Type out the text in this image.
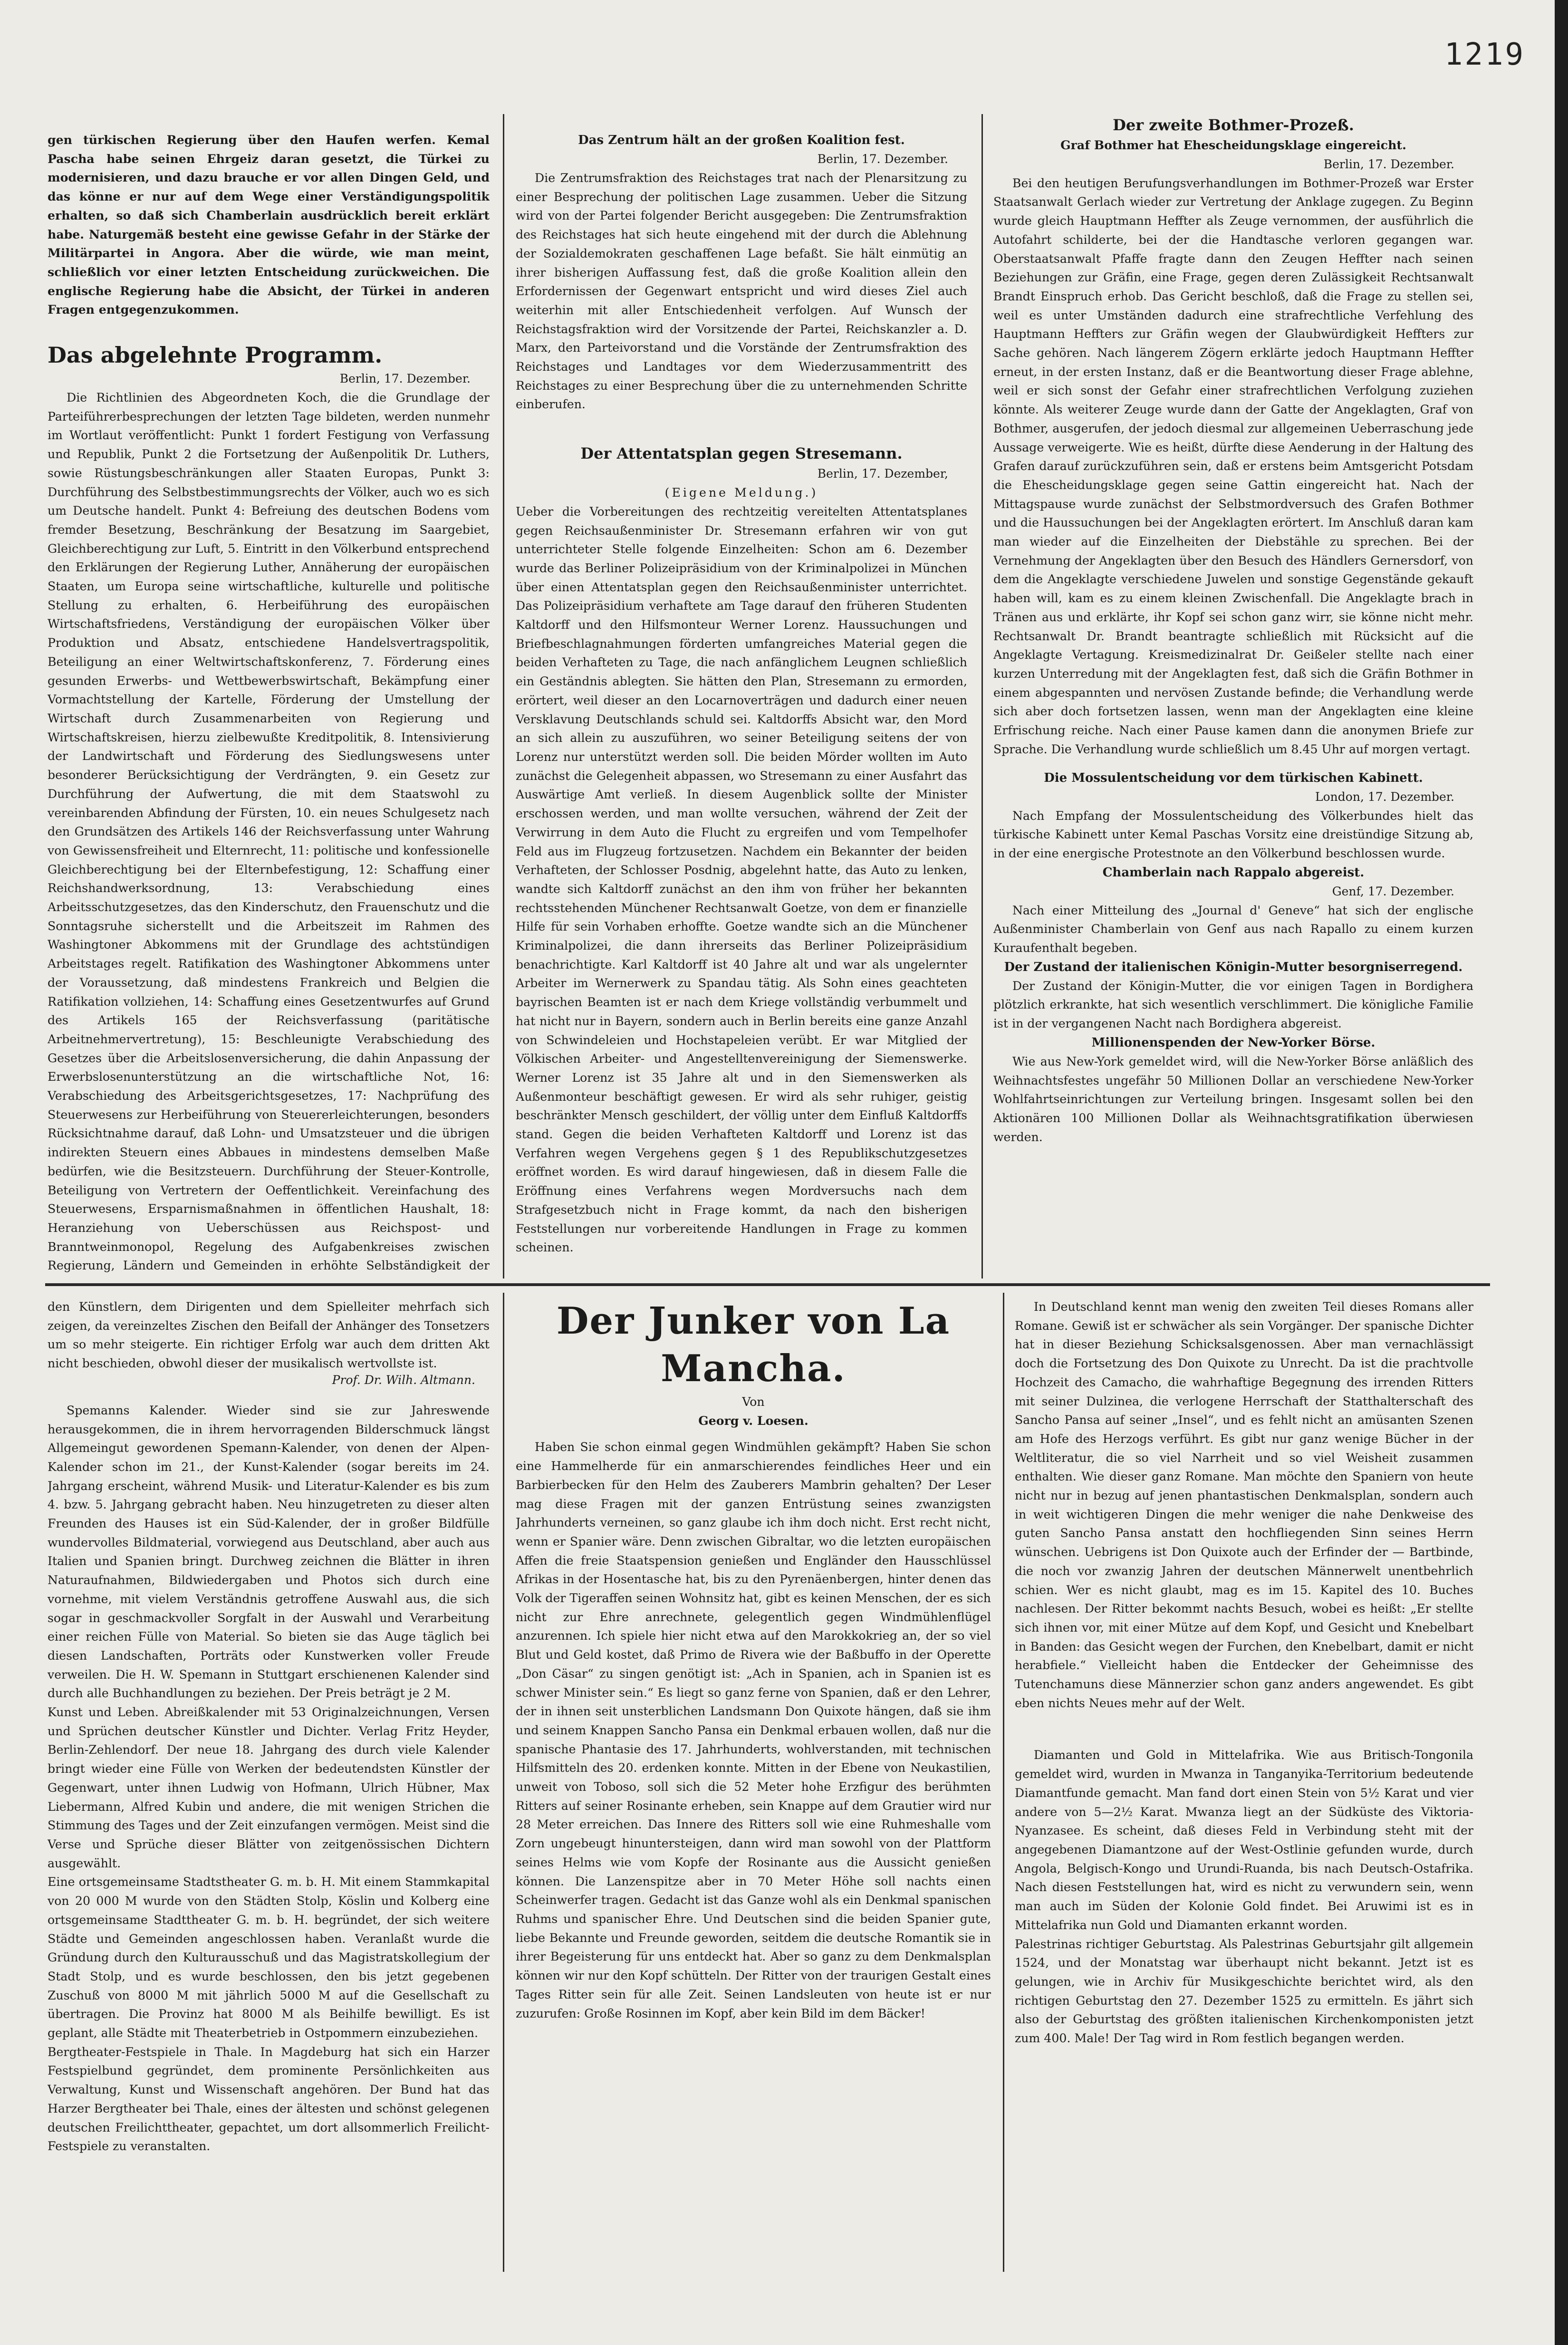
1219

gen türkischen Regierung über den Haufen werfen. Kemal Pascha habe seinen Ehrgeiz daran gesetzt, die Türkei zu modernisieren, und dazu brauche er vor allen Dingen Geld, und das könne er nur auf dem Wege einer Verständigungspolitik erhalten, so daß sich Chamberlain ausdrücklich bereit erklärt habe. Naturgemäß besteht eine gewisse Gefahr in der Stärke der Militärpartei in Angora. Aber die würde, wie man meint, schließlich vor einer letzten Entscheidung zurückweichen. Die englische Regierung habe die Absicht, der Türkei in anderen Fragen entgegenzukommen.

Das abgelehnte Programm.

Berlin, 17. Dezember.

Die Richtlinien des Abgeordneten Koch, die die Grundlage der Parteiführerbesprechungen der letzten Tage bildeten, werden nunmehr im Wortlaut veröffentlicht: Punkt 1 fordert Festigung von Verfassung und Republik, Punkt 2 die Fortsetzung der Außenpolitik Dr. Luthers, sowie Rüstungsbeschränkungen aller Staaten Europas, Punkt 3: Durchführung des Selbstbestimmungsrechts der Völker, auch wo es sich um Deutsche handelt. Punkt 4: Befreiung des deutschen Bodens vom fremder Besetzung, Beschränkung der Besatzung im Saargebiet, Gleichberechtigung zur Luft, 5. Eintritt in den Völkerbund entsprechend den Erklärungen der Regierung Luther, Annäherung der europäischen Staaten, um Europa seine wirtschaftliche, kulturelle und politische Stellung zu erhalten, 6. Herbeiführung des europäischen Wirtschaftsfriedens, Verständigung der europäischen Völker über Produktion und Absatz, entschiedene Handelsvertragspolitik, Beteiligung an einer Weltwirtschaftskonferenz, 7. Förderung eines gesunden Erwerbs- und Wettbewerbswirtschaft, Bekämpfung einer Vormachtstellung der Kartelle, Förderung der Umstellung der Wirtschaft durch Zusammenarbeiten von Regierung und Wirtschaftskreisen, hierzu zielbewußte Kreditpolitik, 8. Intensivierung der Landwirtschaft und Förderung des Siedlungswesens unter besonderer Berücksichtigung der Verdrängten, 9. ein Gesetz zur Durchführung der Aufwertung, die mit dem Staatswohl zu vereinbarenden Abfindung der Fürsten, 10. ein neues Schulgesetz nach den Grundsätzen des Artikels 146 der Reichsverfassung unter Wahrung von Gewissensfreiheit und Elternrecht, 11: politische und konfessionelle Gleichberechtigung bei der Elternbefestigung, 12: Schaffung einer Reichshandwerksordnung, 13: Verabschiedung eines Arbeitsschutzgesetzes, das den Kinderschutz, den Frauenschutz und die Sonntagsruhe sicherstellt und die Arbeitszeit im Rahmen des Washingtoner Abkommens mit der Grundlage des achtstündigen Arbeitstages regelt. Ratifikation des Washingtoner Abkommens unter der Voraussetzung, daß mindestens Frankreich und Belgien die Ratifikation vollziehen, 14: Schaffung eines Gesetzentwurfes auf Grund des Artikels 165 der Reichsverfassung (paritätische Arbeitnehmervertretung), 15: Beschleunigte Verabschiedung des Gesetzes über die Arbeitslosenversicherung, die dahin Anpassung der Erwerbslosenunterstützung an die wirtschaftliche Not, 16: Verabschiedung des Arbeitsgerichtsgesetzes, 17: Nachprüfung des Steuerwesens zur Herbeiführung von Steuererleichterungen, besonders Rücksichtnahme darauf, daß Lohn- und Umsatzsteuer und die übrigen indirekten Steuern eines Abbaues in mindestens demselben Maße bedürfen, wie die Besitzsteuern. Durchführung der Steuer-Kontrolle, Beteiligung von Vertretern der Oeffentlichkeit. Vereinfachung des Steuerwesens, Ersparnismaßnahmen in öffentlichen Haushalt, 18: Heranziehung von Ueberschüssen aus Reichspost- und Branntweinmonopol, Regelung des Aufgabenkreises zwischen Regierung, Ländern und Gemeinden in erhöhte Selbständigkeit der

Das Zentrum hält an der großen Koalition fest.

Berlin, 17. Dezember.

Die Zentrumsfraktion des Reichstages trat nach der Plenarsitzung zu einer Besprechung der politischen Lage zusammen. Ueber die Sitzung wird von der Partei folgender Bericht ausgegeben: Die Zentrumsfraktion des Reichstages hat sich heute eingehend mit der durch die Ablehnung der Sozialdemokraten geschaffenen Lage befaßt. Sie hält einmütig an ihrer bisherigen Auffassung fest, daß die große Koalition allein den Erfordernissen der Gegenwart entspricht und wird dieses Ziel auch weiterhin mit aller Entschiedenheit verfolgen. Auf Wunsch der Reichstagsfraktion wird der Vorsitzende der Partei, Reichskanzler a. D. Marx, den Parteivorstand und die Vorstände der Zentrumsfraktion des Reichstages und Landtages vor dem Wiederzusammentritt des Reichstages zu einer Besprechung über die zu unternehmenden Schritte einberufen.

Der Attentatsplan gegen Stresemann.

Berlin, 17. Dezember,

(Eigene Meldung.)

Ueber die Vorbereitungen des rechtzeitig vereitelten Attentatsplanes gegen Reichsaußenminister Dr. Stresemann erfahren wir von gut unterrichteter Stelle folgende Einzelheiten: Schon am 6. Dezember wurde das Berliner Polizeipräsidium von der Kriminalpolizei in München über einen Attentatsplan gegen den Reichsaußenminister unterrichtet. Das Polizeipräsidium verhaftete am Tage darauf den früheren Studenten Kaltdorff und den Hilfsmonteur Werner Lorenz. Haussuchungen und Briefbeschlagnahmungen förderten umfangreiches Material gegen die beiden Verhafteten zu Tage, die nach anfänglichem Leugnen schließlich ein Geständnis ablegten. Sie hätten den Plan, Stresemann zu ermorden, erörtert, weil dieser an den Locarnoverträgen und dadurch einer neuen Versklavung Deutschlands schuld sei. Kaltdorffs Absicht war, den Mord an sich allein zu auszuführen, wo seiner Beteiligung seitens der von Lorenz nur unterstützt werden soll. Die beiden Mörder wollten im Auto zunächst die Gelegenheit abpassen, wo Stresemann zu einer Ausfahrt das Auswärtige Amt verließ. In diesem Augenblick sollte der Minister erschossen werden, und man wollte versuchen, während der Zeit der Verwirrung in dem Auto die Flucht zu ergreifen und vom Tempelhofer Feld aus im Flugzeug fortzusetzen. Nachdem ein Bekannter der beiden Verhafteten, der Schlosser Posdnig, abgelehnt hatte, das Auto zu lenken, wandte sich Kaltdorff zunächst an den ihm von früher her bekannten rechtsstehenden Münchener Rechtsanwalt Goetze, von dem er finanzielle Hilfe für sein Vorhaben erhoffte. Goetze wandte sich an die Münchener Kriminalpolizei, die dann ihrerseits das Berliner Polizeipräsidium benachrichtigte. Karl Kaltdorff ist 40 Jahre alt und war als ungelernter Arbeiter im Wernerwerk zu Spandau tätig. Als Sohn eines geachteten bayrischen Beamten ist er nach dem Kriege vollständig verbummelt und hat nicht nur in Bayern, sondern auch in Berlin bereits eine ganze Anzahl von Schwindeleien und Hochstapeleien verübt. Er war Mitglied der Völkischen Arbeiter- und Angestelltenvereinigung der Siemenswerke. Werner Lorenz ist 35 Jahre alt und in den Siemenswerken als Außenmonteur beschäftigt gewesen. Er wird als sehr ruhiger, geistig beschränkter Mensch geschildert, der völlig unter dem Einfluß Kaltdorffs stand. Gegen die beiden Verhafteten Kaltdorff und Lorenz ist das Verfahren wegen Vergehens gegen § 1 des Republikschutzgesetzes eröffnet worden. Es wird darauf hingewiesen, daß in diesem Falle die Eröffnung eines Verfahrens wegen Mordversuchs nach dem Strafgesetzbuch nicht in Frage kommt, da nach den bisherigen Feststellungen nur vorbereitende Handlungen in Frage zu kommen scheinen.

Der zweite Bothmer-Prozeß.

Graf Bothmer hat Ehescheidungsklage eingereicht.

Berlin, 17. Dezember.

Bei den heutigen Berufungsverhandlungen im Bothmer-Prozeß war Erster Staatsanwalt Gerlach wieder zur Vertretung der Anklage zugegen. Zu Beginn wurde gleich Hauptmann Heffter als Zeuge vernommen, der ausführlich die Autofahrt schilderte, bei der die Handtasche verloren gegangen war. Oberstaatsanwalt Pfaffe fragte dann den Zeugen Heffter nach seinen Beziehungen zur Gräfin, eine Frage, gegen deren Zulässigkeit Rechtsanwalt Brandt Einspruch erhob. Das Gericht beschloß, daß die Frage zu stellen sei, weil es unter Umständen dadurch eine strafrechtliche Verfehlung des Hauptmann Heffters zur Gräfin wegen der Glaubwürdigkeit Heffters zur Sache gehören. Nach längerem Zögern erklärte jedoch Hauptmann Heffter erneut, in der ersten Instanz, daß er die Beantwortung dieser Frage ablehne, weil er sich sonst der Gefahr einer strafrechtlichen Verfolgung zuziehen könnte. Als weiterer Zeuge wurde dann der Gatte der Angeklagten, Graf von Bothmer, ausgerufen, der jedoch diesmal zur allgemeinen Ueberraschung jede Aussage verweigerte. Wie es heißt, dürfte diese Aenderung in der Haltung des Grafen darauf zurückzuführen sein, daß er erstens beim Amtsgericht Potsdam die Ehescheidungsklage gegen seine Gattin eingereicht hat. Nach der Mittagspause wurde zunächst der Selbstmordversuch des Grafen Bothmer und die Haussuchungen bei der Angeklagten erörtert. Im Anschluß daran kam man wieder auf die Einzelheiten der Diebstähle zu sprechen. Bei der Vernehmung der Angeklagten über den Besuch des Händlers Gernersdorf, von dem die Angeklagte verschiedene Juwelen und sonstige Gegenstände gekauft haben will, kam es zu einem kleinen Zwischenfall. Die Angeklagte brach in Tränen aus und erklärte, ihr Kopf sei schon ganz wirr, sie könne nicht mehr. Rechtsanwalt Dr. Brandt beantragte schließlich mit Rücksicht auf die Angeklagte Vertagung. Kreismedizinalrat Dr. Geißeler stellte nach einer kurzen Unterredung mit der Angeklagten fest, daß sich die Gräfin Bothmer in einem abgespannten und nervösen Zustande befinde; die Verhandlung werde sich aber doch fortsetzen lassen, wenn man der Angeklagten eine kleine Erfrischung reiche. Nach einer Pause kamen dann die anonymen Briefe zur Sprache. Die Verhandlung wurde schließlich um 8.45 Uhr auf morgen vertagt.

Die Mossulentscheidung vor dem türkischen Kabinett.

London, 17. Dezember.

Nach Empfang der Mossulentscheidung des Völkerbundes hielt das türkische Kabinett unter Kemal Paschas Vorsitz eine dreistündige Sitzung ab, in der eine energische Protestnote an den Völkerbund beschlossen wurde.

Chamberlain nach Rappalo abgereist.

Genf, 17. Dezember.

Nach einer Mitteilung des „Journal d' Geneve“ hat sich der englische Außenminister Chamberlain von Genf aus nach Rapallo zu einem kurzen Kuraufenthalt begeben.

Der Zustand der italienischen Königin-Mutter besorgniserregend.

Der Zustand der Königin-Mutter, die vor einigen Tagen in Bordighera plötzlich erkrankte, hat sich wesentlich verschlimmert. Die königliche Familie ist in der vergangenen Nacht nach Bordighera abgereist.

Millionenspenden der New-Yorker Börse.

Wie aus New-York gemeldet wird, will die New-Yorker Börse anläßlich des Weihnachtsfestes ungefähr 50 Millionen Dollar an verschiedene New-Yorker Wohlfahrtseinrichtungen zur Verteilung bringen. Insgesamt sollen bei den Aktionären 100 Millionen Dollar als Weihnachtsgratifikation überwiesen werden.

den Künstlern, dem Dirigenten und dem Spielleiter mehrfach sich zeigen, da vereinzeltes Zischen den Beifall der Anhänger des Tonsetzers um so mehr steigerte. Ein richtiger Erfolg war auch dem dritten Akt nicht beschieden, obwohl dieser der musikalisch wertvollste ist.

Prof. Dr. Wilh. Altmann.

Spemanns Kalender. Wieder sind sie zur Jahreswende herausgekommen, die in ihrem hervorragenden Bilderschmuck längst Allgemeingut gewordenen Spemann-Kalender, von denen der Alpen-Kalender schon im 21., der Kunst-Kalender (sogar bereits im 24. Jahrgang erscheint, während Musik- und Literatur-Kalender es bis zum 4. bzw. 5. Jahrgang gebracht haben. Neu hinzugetreten zu dieser alten Freunden des Hauses ist ein Süd-Kalender, der in großer Bildfülle wundervolles Bildmaterial, vorwiegend aus Deutschland, aber auch aus Italien und Spanien bringt. Durchweg zeichnen die Blätter in ihren Naturaufnahmen, Bildwiedergaben und Photos sich durch eine vornehme, mit vielem Verständnis getroffene Auswahl aus, die sich sogar in geschmackvoller Sorgfalt in der Auswahl und Verarbeitung einer reichen Fülle von Material. So bieten sie das Auge täglich bei diesen Landschaften, Porträts oder Kunstwerken voller Freude verweilen. Die H. W. Spemann in Stuttgart erschienenen Kalender sind durch alle Buchhandlungen zu beziehen. Der Preis beträgt je 2 M.

Kunst und Leben. Abreißkalender mit 53 Originalzeichnungen, Versen und Sprüchen deutscher Künstler und Dichter. Verlag Fritz Heyder, Berlin-Zehlendorf. Der neue 18. Jahrgang des durch viele Kalender bringt wieder eine Fülle von Werken der bedeutendsten Künstler der Gegenwart, unter ihnen Ludwig von Hofmann, Ulrich Hübner, Max Liebermann, Alfred Kubin und andere, die mit wenigen Strichen die Stimmung des Tages und der Zeit einzufangen vermögen. Meist sind die Verse und Sprüche dieser Blätter von zeitgenössischen Dichtern ausgewählt.

Eine ortsgemeinsame Stadtstheater G. m. b. H. Mit einem Stammkapital von 20 000 M wurde von den Städten Stolp, Köslin und Kolberg eine ortsgemeinsame Stadttheater G. m. b. H. begründet, der sich weitere Städte und Gemeinden angeschlossen haben. Veranlaßt wurde die Gründung durch den Kulturausschuß und das Magistratskollegium der Stadt Stolp, und es wurde beschlossen, den bis jetzt gegebenen Zuschuß von 8000 M mit jährlich 5000 M auf die Gesellschaft zu übertragen. Die Provinz hat 8000 M als Beihilfe bewilligt. Es ist geplant, alle Städte mit Theaterbetrieb in Ostpommern einzubeziehen.

Bergtheater-Festspiele in Thale. In Magdeburg hat sich ein Harzer Festspielbund gegründet, dem prominente Persönlichkeiten aus Verwaltung, Kunst und Wissenschaft angehören. Der Bund hat das Harzer Bergtheater bei Thale, eines der ältesten und schönst gelegenen deutschen Freilichttheater, gepachtet, um dort allsommerlich Freilicht-Festspiele zu veranstalten.

Der Junker von La Mancha.

Von

Georg v. Loesen.

Haben Sie schon einmal gegen Windmühlen gekämpft? Haben Sie schon eine Hammelherde für ein anmarschierendes feindliches Heer und ein Barbierbecken für den Helm des Zauberers Mambrin gehalten? Der Leser mag diese Fragen mit der ganzen Entrüstung seines zwanzigsten Jahrhunderts verneinen, so ganz glaube ich ihm doch nicht. Erst recht nicht, wenn er Spanier wäre. Denn zwischen Gibraltar, wo die letzten europäischen Affen die freie Staatspension genießen und Engländer den Hausschlüssel Afrikas in der Hosentasche hat, bis zu den Pyrenäenbergen, hinter denen das Volk der Tigeraffen seinen Wohnsitz hat, gibt es keinen Menschen, der es sich nicht zur Ehre anrechnete, gelegentlich gegen Windmühlenflügel anzurennen. Ich spiele hier nicht etwa auf den Marokkokrieg an, der so viel Blut und Geld kostet, daß Primo de Rivera wie der Baßbuffo in der Operette „Don Cäsar“ zu singen genötigt ist: „Ach in Spanien, ach in Spanien ist es schwer Minister sein.“ Es liegt so ganz ferne von Spanien, daß er den Lehrer, der in ihnen seit unsterblichen Landsmann Don Quixote hängen, daß sie ihm und seinem Knappen Sancho Pansa ein Denkmal erbauen wollen, daß nur die spanische Phantasie des 17. Jahrhunderts, wohlverstanden, mit technischen Hilfsmitteln des 20. erdenken konnte. Mitten in der Ebene von Neukastilien, unweit von Toboso, soll sich die 52 Meter hohe Erzfigur des berühmten Ritters auf seiner Rosinante erheben, sein Knappe auf dem Grautier wird nur 28 Meter erreichen. Das Innere des Ritters soll wie eine Ruhmeshalle vom Zorn ungebeugt hinuntersteigen, dann wird man sowohl von der Plattform seines Helms wie vom Kopfe der Rosinante aus die Aussicht genießen können. Die Lanzenspitze aber in 70 Meter Höhe soll nachts einen Scheinwerfer tragen. Gedacht ist das Ganze wohl als ein Denkmal spanischen Ruhms und spanischer Ehre. Und Deutschen sind die beiden Spanier gute, liebe Bekannte und Freunde geworden, seitdem die deutsche Romantik sie in ihrer Begeisterung für uns entdeckt hat. Aber so ganz zu dem Denkmalsplan können wir nur den Kopf schütteln. Der Ritter von der traurigen Gestalt eines Tages Ritter sein für alle Zeit. Seinen Landsleuten von heute ist er nur zuzurufen: Große Rosinnen im Kopf, aber kein Bild im dem Bäcker!

In Deutschland kennt man wenig den zweiten Teil dieses Romans aller Romane. Gewiß ist er schwächer als sein Vorgänger. Der spanische Dichter hat in dieser Beziehung Schicksalsgenossen. Aber man vernachlässigt doch die Fortsetzung des Don Quixote zu Unrecht. Da ist die prachtvolle Hochzeit des Camacho, die wahrhaftige Begegnung des irrenden Ritters mit seiner Dulzinea, die verlogene Herrschaft der Statthalterschaft des Sancho Pansa auf seiner „Insel“, und es fehlt nicht an amüsanten Szenen am Hofe des Herzogs verführt. Es gibt nur ganz wenige Bücher in der Weltliteratur, die so viel Narrheit und so viel Weisheit zusammen enthalten. Wie dieser ganz Romane. Man möchte den Spaniern von heute nicht nur in bezug auf jenen phantastischen Denkmalsplan, sondern auch in weit wichtigeren Dingen die mehr weniger die nahe Denkweise des guten Sancho Pansa anstatt den hochfliegenden Sinn seines Herrn wünschen. Uebrigens ist Don Quixote auch der Erfinder der — Bartbinde, die noch vor zwanzig Jahren der deutschen Männerwelt unentbehrlich schien. Wer es nicht glaubt, mag es im 15. Kapitel des 10. Buches nachlesen. Der Ritter bekommt nachts Besuch, wobei es heißt: „Er stellte sich ihnen vor, mit einer Mütze auf dem Kopf, und Gesicht und Knebelbart in Banden: das Gesicht wegen der Furchen, den Knebelbart, damit er nicht herabfiele.“ Vielleicht haben die Entdecker der Geheimnisse des Tutenchamuns diese Männerzier schon ganz anders angewendet. Es gibt eben nichts Neues mehr auf der Welt.

Diamanten und Gold in Mittelafrika. Wie aus Britisch-Tongonila gemeldet wird, wurden in Mwanza in Tanganyika-Territorium bedeutende Diamantfunde gemacht. Man fand dort einen Stein von 5½ Karat und vier andere von 5—2½ Karat. Mwanza liegt an der Südküste des Viktoria-Nyanzasee. Es scheint, daß dieses Feld in Verbindung steht mit der angegebenen Diamantzone auf der West-Ostlinie gefunden wurde, durch Angola, Belgisch-Kongo und Urundi-Ruanda, bis nach Deutsch-Ostafrika. Nach diesen Feststellungen hat, wird es nicht zu verwundern sein, wenn man auch im Süden der Kolonie Gold findet. Bei Aruwimi ist es in Mittelafrika nun Gold und Diamanten erkannt worden.

Palestrinas richtiger Geburtstag. Als Palestrinas Geburtsjahr gilt allgemein 1524, und der Monatstag war überhaupt nicht bekannt. Jetzt ist es gelungen, wie in Archiv für Musikgeschichte berichtet wird, als den richtigen Geburtstag den 27. Dezember 1525 zu ermitteln. Es jährt sich also der Geburtstag des größten italienischen Kirchenkomponisten jetzt zum 400. Male! Der Tag wird in Rom festlich begangen werden.
